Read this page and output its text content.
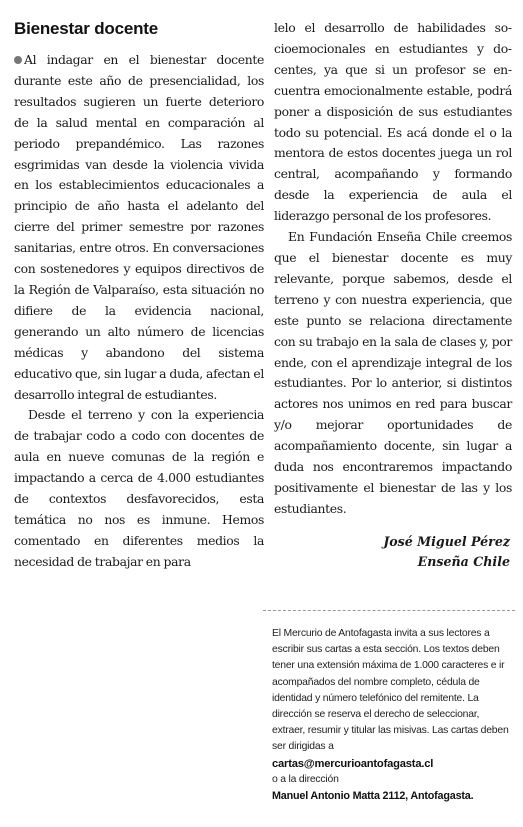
Bienestar docente

Al indagar en el bienestar docente durante este año de presencialidad, los resultados sugieren un fuerte deterioro de la salud mental en comparación al periodo prepandémico. Las razones esgrimidas van desde la violencia vivida en los establecimientos educacionales a principio de año hasta el adelanto del cierre del primer semestre por razones sanitarias, entre otros. En conversaciones con sostenedores y equipos directivos de la Región de Valparaíso, esta situación no difiere de la evidencia nacional, generando un alto número de licencias médicas y abandono del sistema educativo que, sin lugar a duda, afectan el desarrollo integral de estudiantes.

Desde el terreno y con la experiencia de trabajar codo a codo con docentes de aula en nueve comunas de la región e impactando a cerca de 4.000 estudiantes de contextos desfavorecidos, esta temática no nos es inmune. Hemos comentado en diferentes medios la necesidad de trabajar en para

lelo el desarrollo de habilidades socioemocionales en estudiantes y docentes, ya que si un profesor se encuentra emocionalmente estable, podrá poner a disposición de sus estudiantes todo su potencial. Es acá donde el o la mentora de estos docentes juega un rol central, acompañando y formando desde la experiencia de aula el liderazgo personal de los profesores.

En Fundación Enseña Chile creemos que el bienestar docente es muy relevante, porque sabemos, desde el terreno y con nuestra experiencia, que este punto se relaciona directamente con su trabajo en la sala de clases y, por ende, con el aprendizaje integral de los estudiantes. Por lo anterior, si distintos actores nos unimos en red para buscar y/o mejorar oportunidades de acompañamiento docente, sin lugar a duda nos encontraremos impactando positivamente el bienestar de las y los estudiantes.

José Miguel Pérez
Enseña Chile
El Mercurio de Antofagasta invita a sus lectores a escribir sus cartas a esta sección. Los textos deben tener una extensión máxima de 1.000 caracteres e ir acompañados del nombre completo, cédula de identidad y número telefónico del remitente. La dirección se reserva el derecho de seleccionar, extraer, resumir y titular las misivas. Las cartas deben ser dirigidas a
cartas@mercurioantofagasta.cl
o a la dirección
Manuel Antonio Matta 2112, Antofagasta.
